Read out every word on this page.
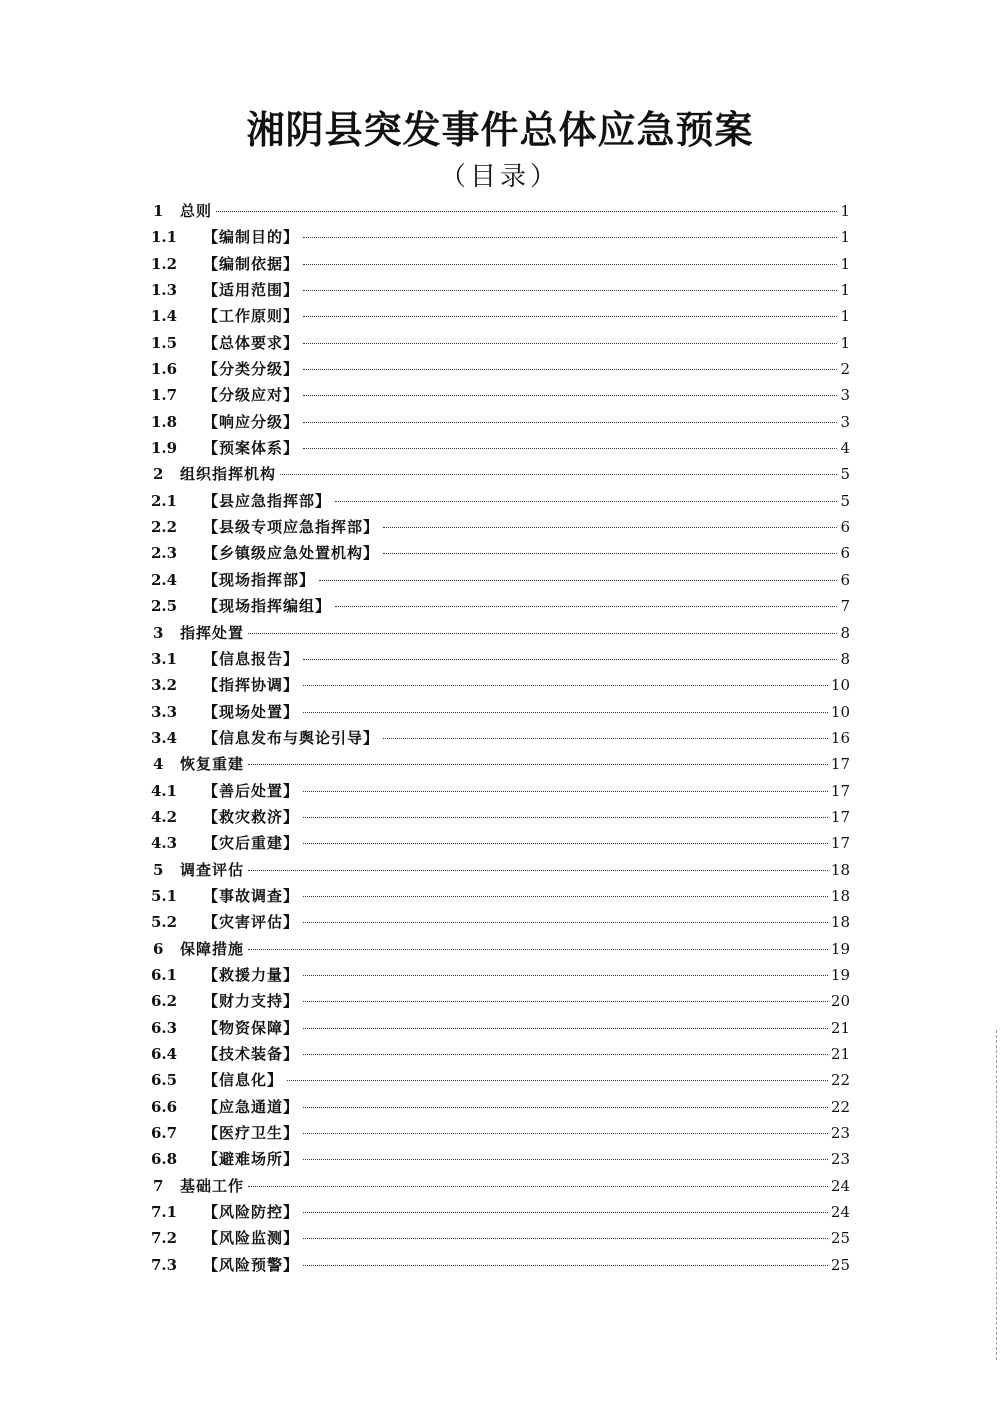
湘阴县突发事件总体应急预案
（目录）
1	总则	1
1.1	【编制目的】	1
1.2	【编制依据】	1
1.3	【适用范围】	1
1.4	【工作原则】	1
1.5	【总体要求】	1
1.6	【分类分级】	2
1.7	【分级应对】	3
1.8	【响应分级】	3
1.9	【预案体系】	4
2	组织指挥机构	5
2.1	【县应急指挥部】	5
2.2	【县级专项应急指挥部】	6
2.3	【乡镇级应急处置机构】	6
2.4	【现场指挥部】	6
2.5	【现场指挥编组】	7
3	指挥处置	8
3.1	【信息报告】	8
3.2	【指挥协调】	10
3.3	【现场处置】	10
3.4	【信息发布与舆论引导】	16
4	恢复重建	17
4.1	【善后处置】	17
4.2	【救灾救济】	17
4.3	【灾后重建】	17
5	调查评估	18
5.1	【事故调查】	18
5.2	【灾害评估】	18
6	保障措施	19
6.1	【救援力量】	19
6.2	【财力支持】	20
6.3	【物资保障】	21
6.4	【技术装备】	21
6.5	【信息化】	22
6.6	【应急通道】	22
6.7	【医疗卫生】	23
6.8	【避难场所】	23
7	基础工作	24
7.1	【风险防控】	24
7.2	【风险监测】	25
7.3	【风险预警】	25
